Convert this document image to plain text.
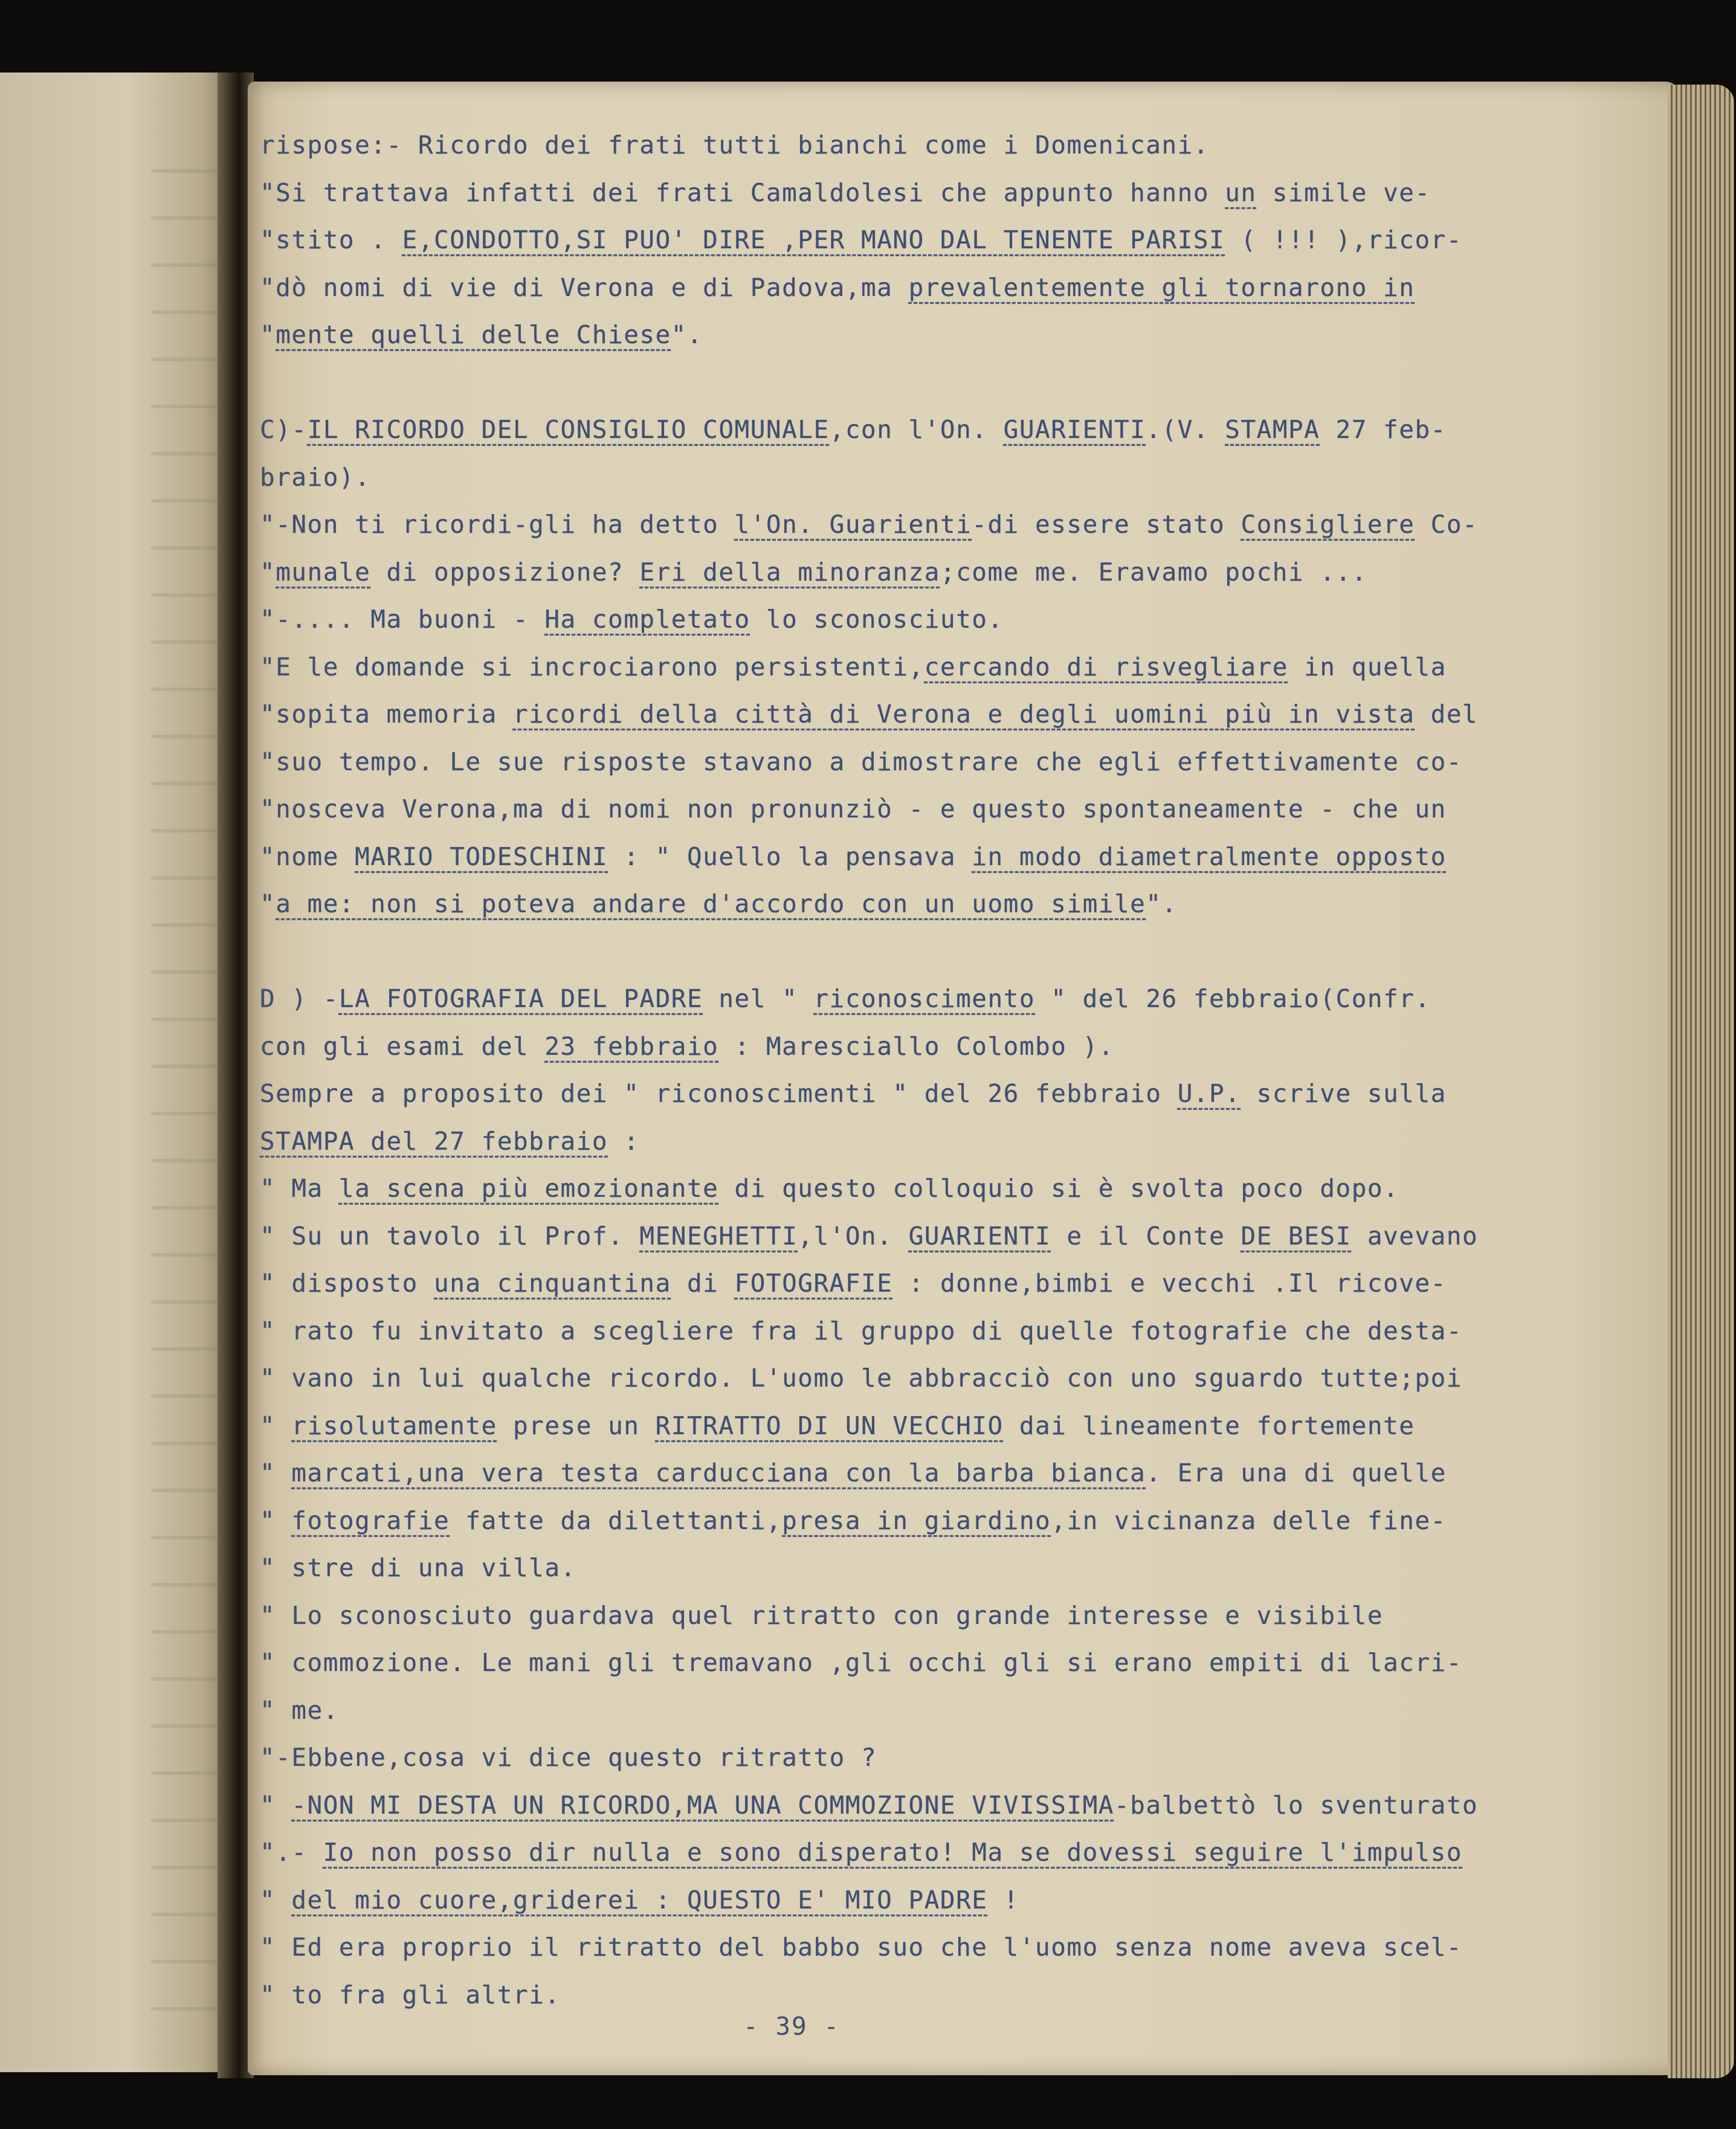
rispose:- Ricordo dei frati tutti bianchi come i Domenicani.
"Si trattava infatti dei frati Camaldolesi che appunto hanno un simile ve-
"stito . E,CONDOTTO,SI PUO' DIRE ,PER MANO DAL TENENTE PARISI ( !!! ),ricor-
"dò nomi di vie di Verona e di Padova,ma prevalentemente gli tornarono in
"mente quelli delle Chiese".
C)-IL RICORDO DEL CONSIGLIO COMUNALE,con l'On. GUARIENTI.(V. STAMPA 27 feb-
braio).
"-Non ti ricordi-gli ha detto l'On. Guarienti-di essere stato Consigliere Co-
"munale di opposizione? Eri della minoranza;come me. Eravamo pochi ...
"-.... Ma buoni - Ha completato lo sconosciuto.
"E le domande si incrociarono persistenti,cercando di risvegliare in quella
"sopita memoria ricordi della città di Verona e degli uomini più in vista del
"suo tempo. Le sue risposte stavano a dimostrare che egli effettivamente co-
"nosceva Verona,ma di nomi non pronunziò - e questo spontaneamente - che un
"nome MARIO TODESCHINI : " Quello la pensava in modo diametralmente opposto
"a me: non si poteva andare d'accordo con un uomo simile".
D ) -LA FOTOGRAFIA DEL PADRE nel " riconoscimento " del 26 febbraio(Confr.
con gli esami del 23 febbraio : Maresciallo Colombo ).
Sempre a proposito dei " riconoscimenti " del 26 febbraio U.P. scrive sulla
STAMPA del 27 febbraio :
" Ma la scena più emozionante di questo colloquio si è svolta poco dopo.
" Su un tavolo il Prof. MENEGHETTI,l'On. GUARIENTI e il Conte DE BESI avevano
" disposto una cinquantina di FOTOGRAFIE : donne,bimbi e vecchi .Il ricove-
" rato fu invitato a scegliere fra il gruppo di quelle fotografie che desta-
" vano in lui qualche ricordo. L'uomo le abbracciò con uno sguardo tutte;poi
" risolutamente prese un RITRATTO DI UN VECCHIO dai lineamente fortemente
" marcati,una vera testa carducciana con la barba bianca. Era una di quelle
" fotografie fatte da dilettanti,presa in giardino,in vicinanza delle fine-
" stre di una villa.
" Lo sconosciuto guardava quel ritratto con grande interesse e visibile
" commozione. Le mani gli tremavano ,gli occhi gli si erano empiti di lacri-
" me.
"-Ebbene,cosa vi dice questo ritratto ?
" -NON MI DESTA UN RICORDO,MA UNA COMMOZIONE VIVISSIMA-balbettò lo sventurato
".- Io non posso dir nulla e sono disperato! Ma se dovessi seguire l'impulso
" del mio cuore,griderei : QUESTO E' MIO PADRE !
" Ed era proprio il ritratto del babbo suo che l'uomo senza nome aveva scel-
" to fra gli altri.
- 39 -
